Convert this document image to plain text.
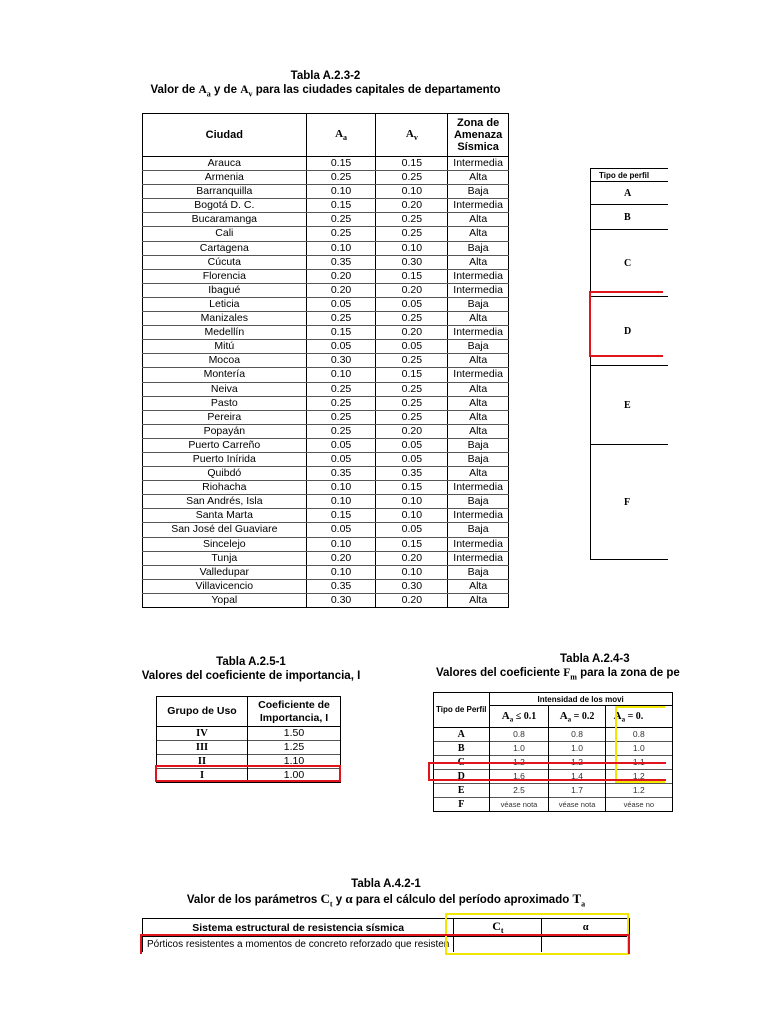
Tabla A.2.3-2
Valor de $A_a$ y de $A_v$ para las ciudades capitales de departamento
Ciudad	$A_a$	$A_v$	Zona de Amenaza Sísmica
Arauca	0.15	0.15	Intermedia
Armenia	0.25	0.25	Alta
Barranquilla	0.10	0.10	Baja
Bogotá D. C.	0.15	0.20	Intermedia
Bucaramanga	0.25	0.25	Alta
Cali	0.25	0.25	Alta
Cartagena	0.10	0.10	Baja
Cúcuta	0.35	0.30	Alta
Florencia	0.20	0.15	Intermedia
Ibagué	0.20	0.20	Intermedia
Leticia	0.05	0.05	Baja
Manizales	0.25	0.25	Alta
Medellín	0.15	0.20	Intermedia
Mitú	0.05	0.05	Baja
Mocoa	0.30	0.25	Alta
Montería	0.10	0.15	Intermedia
Neiva	0.25	0.25	Alta
Pasto	0.25	0.25	Alta
Pereira	0.25	0.25	Alta
Popayán	0.25	0.20	Alta
Puerto Carreño	0.05	0.05	Baja
Puerto Inírida	0.05	0.05	Baja
Quibdó	0.35	0.35	Alta
Riohacha	0.10	0.15	Intermedia
San Andrés, Isla	0.10	0.10	Baja
Santa Marta	0.15	0.10	Intermedia
San José del Guaviare	0.05	0.05	Baja
Sincelejo	0.10	0.15	Intermedia
Tunja	0.20	0.20	Intermedia
Valledupar	0.10	0.10	Baja
Villavicencio	0.35	0.30	Alta
Yopal	0.30	0.20	Alta
Tipo de perfil
A
B
C
D
E
F
Tabla A.2.5-1
Valores del coeficiente de importancia, I
Grupo de Uso	Coeficiente de Importancia, I
IV	1.50
III	1.25
II	1.10
I	1.00
Tabla A.2.4-3
Valores del coeficiente $F_m$ para la zona de pe
Tipo de Perfil	Intensidad de los movi		
	$A_a \le 0.1$	$A_a = 0.2$	$A_a = 0$.
A	0.8	0.8	0.8
B	1.0	1.0	1.0
C	1.2	1.2	1.1
D	1.6	1.4	1.2
E	2.5	1.7	1.2
F	véase nota	véase nota	véase no
Tabla A.4.2-1
Valor de los parámetros $C_t$ y α para el cálculo del período aproximado $T_a$
Sistema estructural de resistencia sísmica	$C_t$	α
Pórticos resistentes a momentos de concreto reforzado que resisten		
